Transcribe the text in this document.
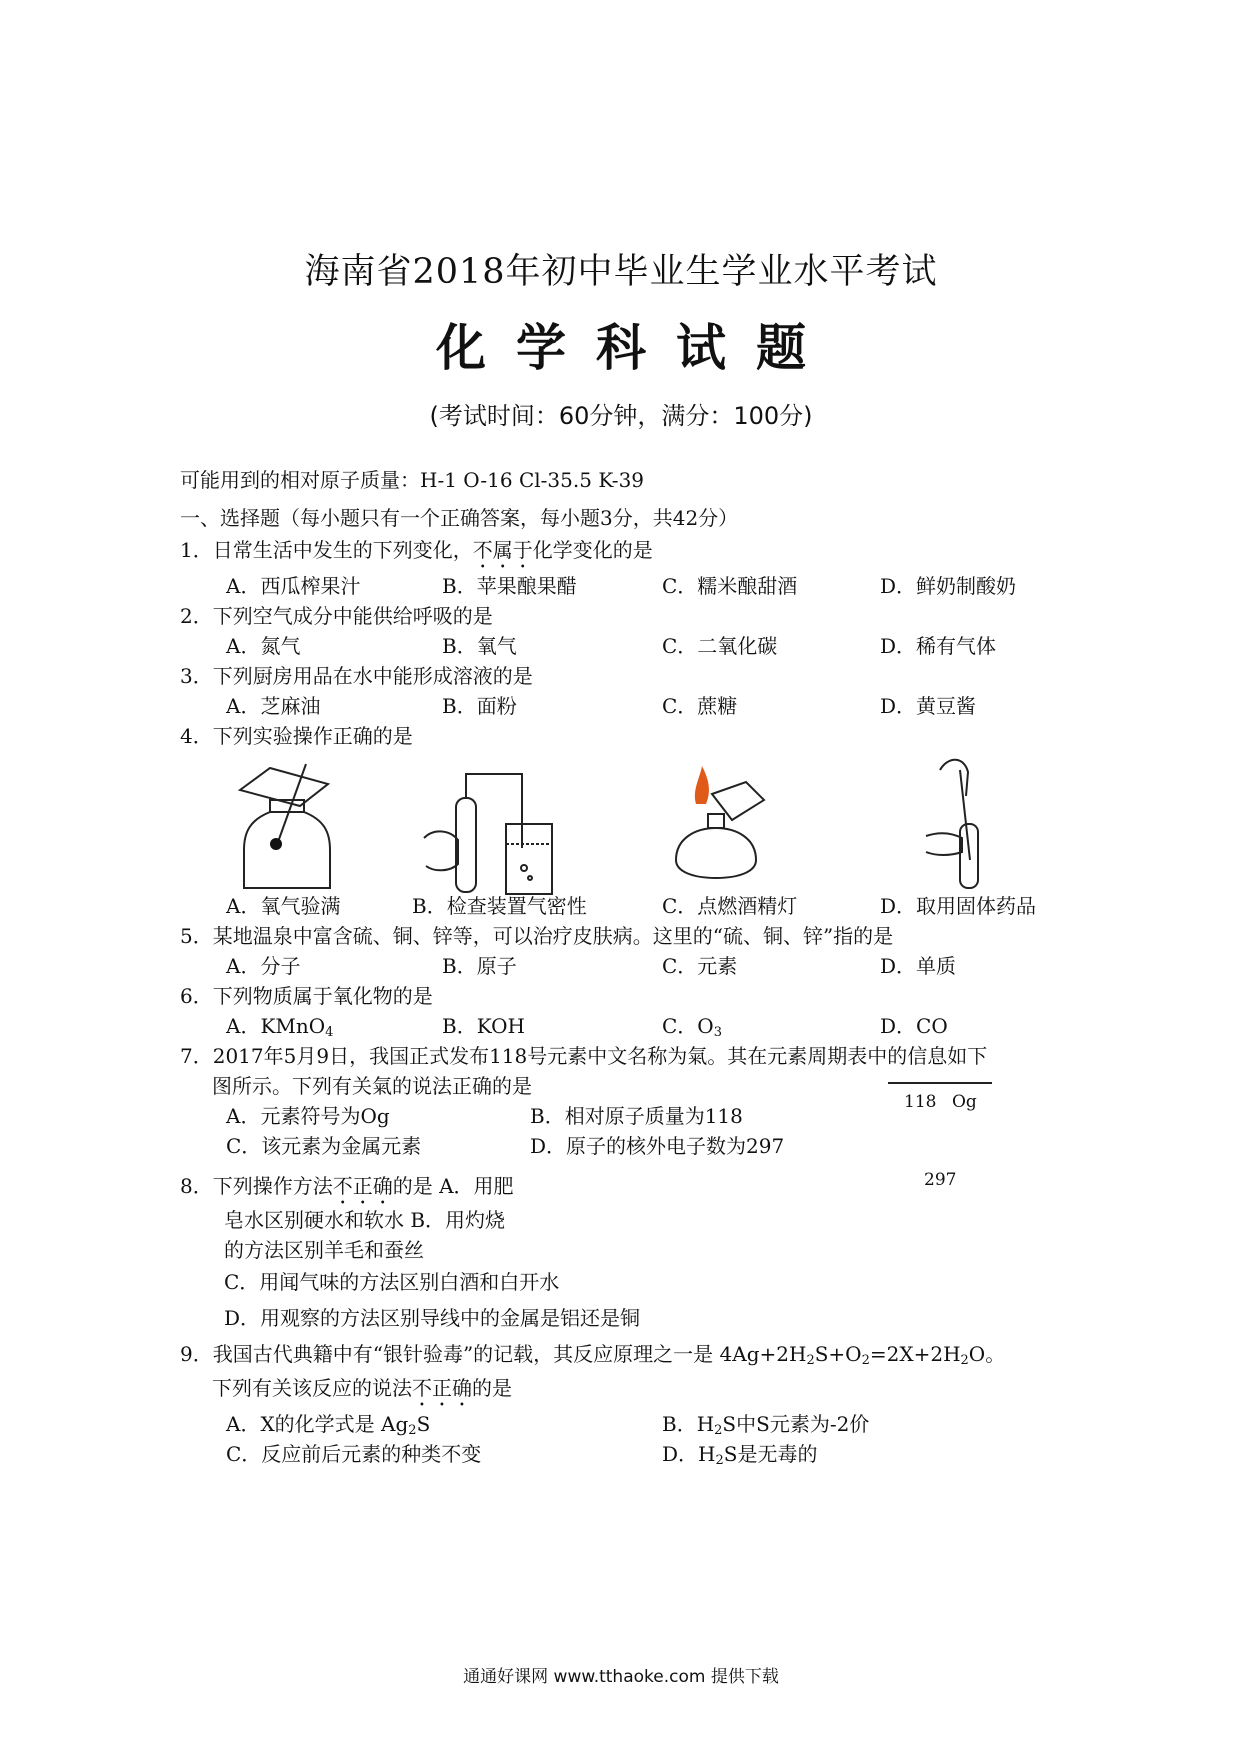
海南省2018年初中毕业生学业水平考试
化学科试题
(考试时间：60分钟，满分：100分)
可能用到的相对原子质量：H-1 O-16 Cl-35.5 K-39
一、选择题（每小题只有一个正确答案，每小题3分，共42分）
1．日常生活中发生的下列变化，不属于化学变化的是
A．西瓜榨果汁	B．苹果酿果醋	C．糯米酿甜酒	D．鲜奶制酸奶
2．下列空气成分中能供给呼吸的是
A．氮气	B．氧气	C．二氧化碳	D．稀有气体
3．下列厨房用品在水中能形成溶液的是
A．芝麻油	B．面粉	C．蔗糖	D．黄豆酱
4．下列实验操作正确的是
A．氧气验满	B．检查装置气密性	C．点燃酒精灯	D．取用固体药品
5．某地温泉中富含硫、铜、锌等，可以治疗皮肤病。这里的“硫、铜、锌”指的是
A．分子	B．原子	C．元素	D．单质
6．下列物质属于氧化物的是
A．KMnO$_4$	B．KOH	C．$O_3$	D．CO
7．2017年5月9日，我国正式发布118号元素中文名称为氣。其在元素周期表中的信息如下
图所示。下列有关氣的说法正确的是
A．元素符号为Og	B．相对原子质量为118
C．该元素为金属元素	D．原子的核外电子数为297
118 Og
297
8．下列操作方法不正确的是 A．用肥
皂水区别硬水和软水 B．用灼烧
的方法区别羊毛和蚕丝
C．用闻气味的方法区别白酒和白开水
D．用观察的方法区别导线中的金属是铝还是铜
9．我国古代典籍中有“银针验毒”的记载，其反应原理之一是 $4Ag+2H_2S+O_2=2X+2H_2O$。
下列有关该反应的说法不正确的是
A．X的化学式是 $Ag_2S$	B．$H_2S$中S元素为-2价
C．反应前后元素的种类不变	D．$H_2S$是无毒的
通通好课网 www.tthaoke.com 提供下载
